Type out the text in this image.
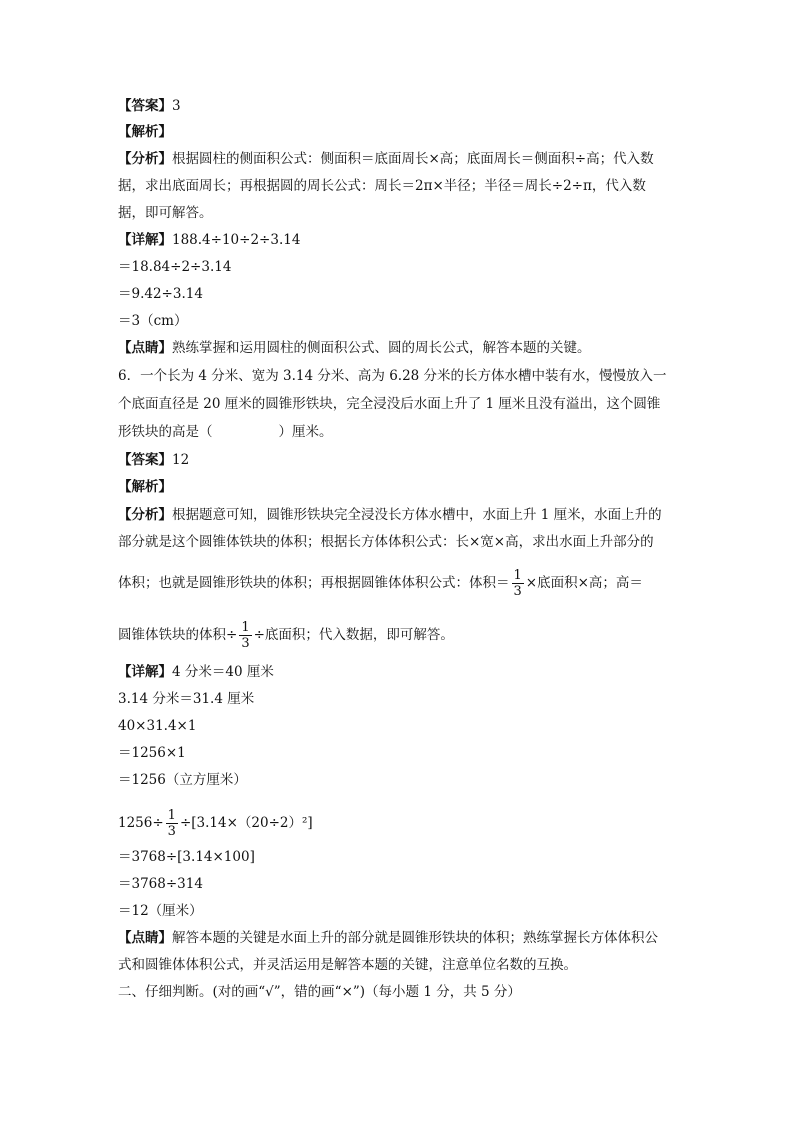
【答案】3
【解析】
【分析】根据圆柱的侧面积公式：侧面积＝底面周长×高；底面周长＝侧面积÷高；代入数
据，求出底面周长；再根据圆的周长公式：周长＝2π×半径；半径＝周长÷2÷π，代入数
据，即可解答。
【详解】188.4÷10÷2÷3.14
＝18.84÷2÷3.14
＝9.42÷3.14
＝3（cm）
【点睛】熟练掌握和运用圆柱的侧面积公式、圆的周长公式，解答本题的关键。
6．一个长为 4 分米、宽为 3.14 分米、高为 6.28 分米的长方体水槽中装有水，慢慢放入一
个底面直径是 20 厘米的圆锥形铁块，完全浸没后水面上升了 1 厘米且没有溢出，这个圆锥
形铁块的高是（	）厘米。
【答案】12
【解析】
【分析】根据题意可知，圆锥形铁块完全浸没长方体水槽中，水面上升 1 厘米，水面上升的
部分就是这个圆锥体铁块的体积；根据长方体体积公式：长×宽×高，求出水面上升部分的
体积；也就是圆锥形铁块的体积；再根据圆锥体体积公式：体积＝ $\frac{1}{3}$ ×底面积×高；高＝
圆锥体铁块的体积÷ $\frac{1}{3}$ ÷底面积；代入数据，即可解答。
【详解】4 分米＝40 厘米
3.14 分米＝31.4 厘米
40×31.4×1
＝1256×1
＝1256（立方厘米）
$1256\div \frac{1}{3} \div[3.14\times(20\div 2)^2]$
＝3768÷[3.14×100]
＝3768÷314
＝12（厘米）
【点睛】解答本题的关键是水面上升的部分就是圆锥形铁块的体积；熟练掌握长方体体积公
式和圆锥体体积公式，并灵活运用是解答本题的关键，注意单位名数的互换。
二、仔细判断。(对的画“√”，错的画“×”)（每小题 1 分，共 5 分）
